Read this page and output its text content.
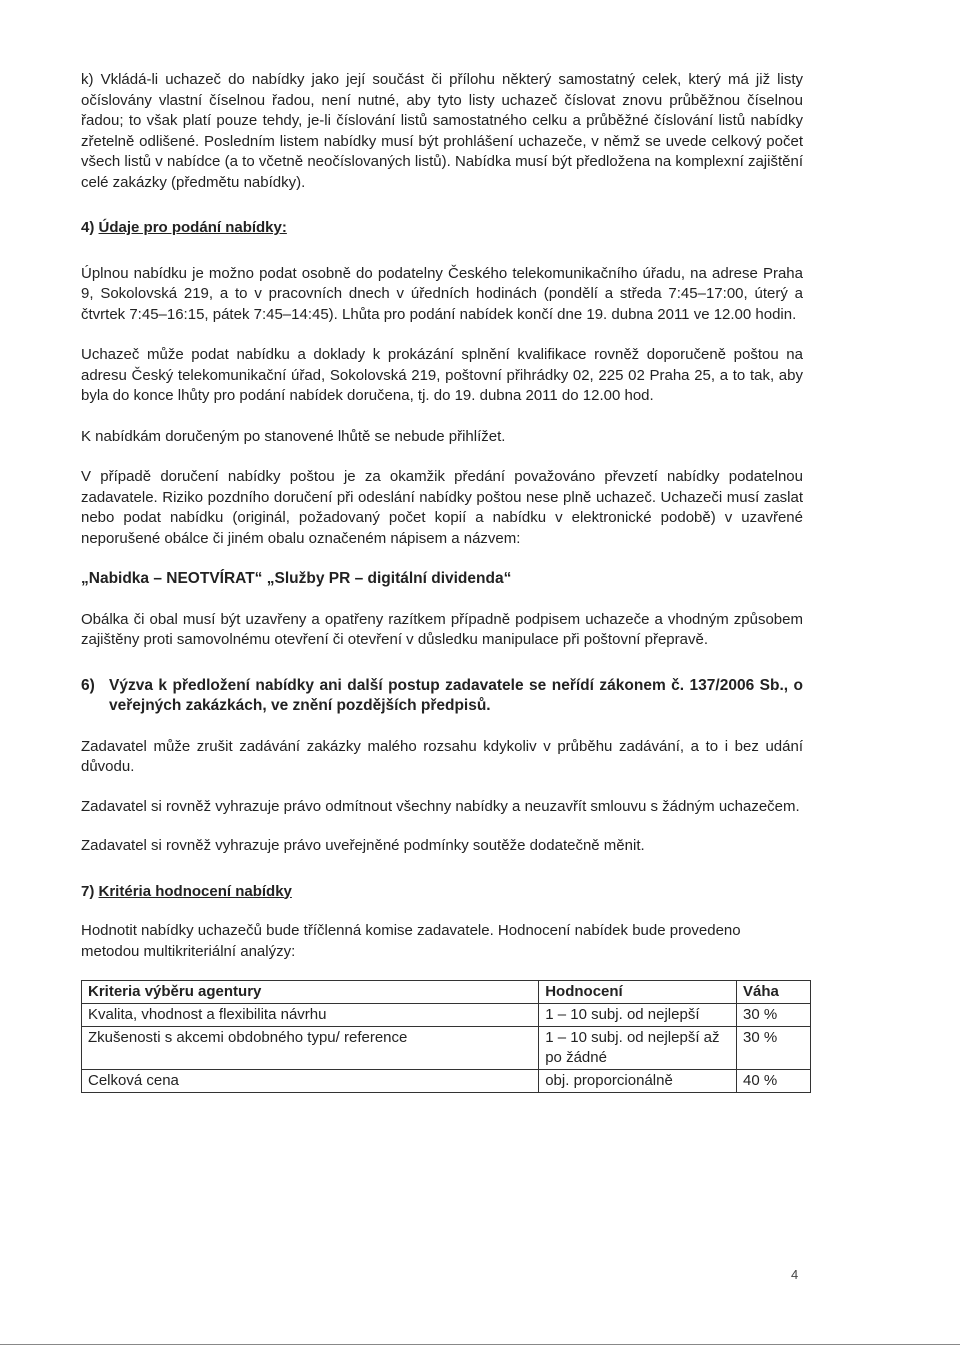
k) Vkládá-li uchazeč do nabídky jako její součást či přílohu některý samostatný celek, který má již listy očíslovány vlastní číselnou řadou, není nutné, aby tyto listy uchazeč číslovat znovu průběžnou číselnou řadou; to však platí pouze tehdy, je-li číslování listů samostatného celku a průběžné číslování listů nabídky zřetelně odlišené. Posledním listem nabídky musí být prohlášení uchazeče, v němž se uvede celkový počet všech listů v nabídce (a to včetně neočíslovaných listů). Nabídka musí být předložena na komplexní zajištění celé zakázky (předmětu nabídky).

4) Údaje pro podání nabídky:

Úplnou nabídku je možno podat osobně do podatelny Českého telekomunikačního úřadu, na adrese Praha 9, Sokolovská 219, a to v pracovních dnech v úředních hodinách (pondělí a středa 7:45–17:00, úterý a čtvrtek 7:45–16:15, pátek 7:45–14:45). Lhůta pro podání nabídek končí dne 19. dubna 2011 ve 12.00 hodin.

Uchazeč může podat nabídku a doklady k prokázání splnění kvalifikace rovněž doporučeně poštou na adresu Český telekomunikační úřad, Sokolovská 219, poštovní přihrádky 02, 225 02 Praha 25, a to tak, aby byla do konce lhůty pro podání nabídek doručena, tj. do 19. dubna 2011 do 12.00 hod.

K nabídkám doručeným po stanovené lhůtě se nebude přihlížet.

V případě doručení nabídky poštou je za okamžik předání považováno převzetí nabídky podatelnou zadavatele. Riziko pozdního doručení při odeslání nabídky poštou nese plně uchazeč. Uchazeči musí zaslat nebo podat nabídku (originál, požadovaný počet kopií a nabídku v elektronické podobě) v uzavřené neporušené obálce či jiném obalu označeném nápisem a názvem:

„Nabidka – NEOTVÍRAT“ „Služby PR – digitální dividenda“

Obálka či obal musí být uzavřeny a opatřeny razítkem případně podpisem uchazeče a vhodným způsobem zajištěny proti samovolnému otevření či otevření v důsledku manipulace při poštovní přepravě.

6) Výzva k předložení nabídky ani další postup zadavatele se neřídí zákonem č. 137/2006 Sb., o veřejných zakázkách, ve znění pozdějších předpisů.

Zadavatel může zrušit zadávání zakázky malého rozsahu kdykoliv v průběhu zadávání, a to i bez udání důvodu.

Zadavatel si rovněž vyhrazuje právo odmítnout všechny nabídky a neuzavřít smlouvu s žádným uchazečem.

Zadavatel si rovněž vyhrazuje právo uveřejněné podmínky soutěže dodatečně měnit.

7) Kritéria hodnocení nabídky

Hodnotit nabídky uchazečů bude tříčlenná komise zadavatele. Hodnocení nabídek bude provedeno metodou multikriteriální analýzy:

Kriteria výběru agentury	Hodnocení	Váha
Kvalita, vhodnost a flexibilita návrhu	1 – 10 subj. od nejlepší	30 %
Zkušenosti s akcemi obdobného typu/ reference	1 – 10 subj. od nejlepší až po žádné	30 %
Celková cena	obj. proporcionálně	40 %
4
